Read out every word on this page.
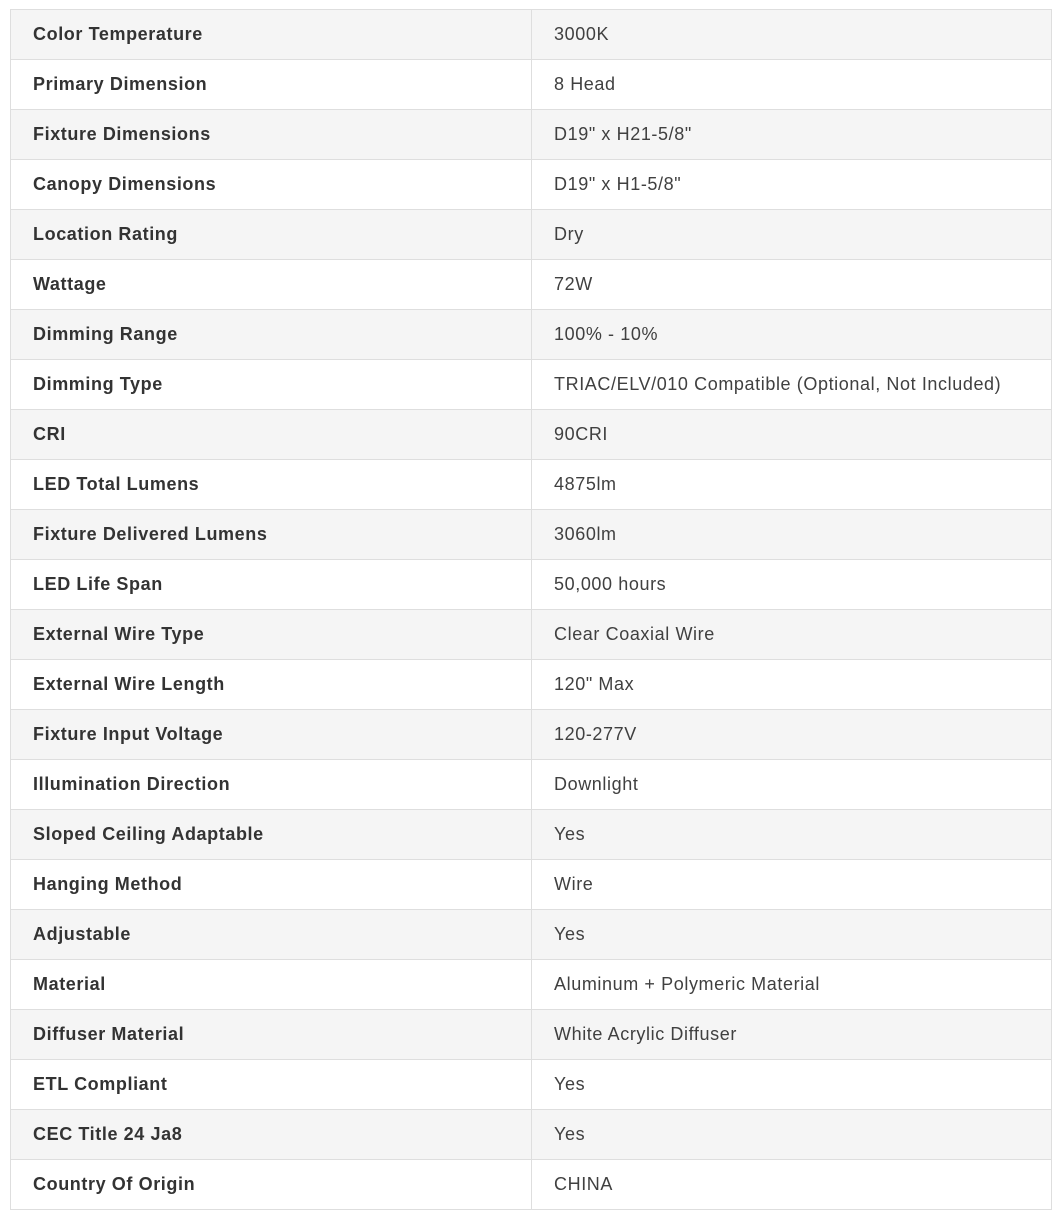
Color Temperature	3000K
Primary Dimension	8 Head
Fixture Dimensions	D19" x H21-5/8"
Canopy Dimensions	D19" x H1-5/8"
Location Rating	Dry
Wattage	72W
Dimming Range	100% - 10%
Dimming Type	TRIAC/ELV/010 Compatible (Optional, Not Included)
CRI	90CRI
LED Total Lumens	4875lm
Fixture Delivered Lumens	3060lm
LED Life Span	50,000 hours
External Wire Type	Clear Coaxial Wire
External Wire Length	120" Max
Fixture Input Voltage	120-277V
Illumination Direction	Downlight
Sloped Ceiling Adaptable	Yes
Hanging Method	Wire
Adjustable	Yes
Material	Aluminum + Polymeric Material
Diffuser Material	White Acrylic Diffuser
ETL Compliant	Yes
CEC Title 24 Ja8	Yes
Country Of Origin	CHINA
